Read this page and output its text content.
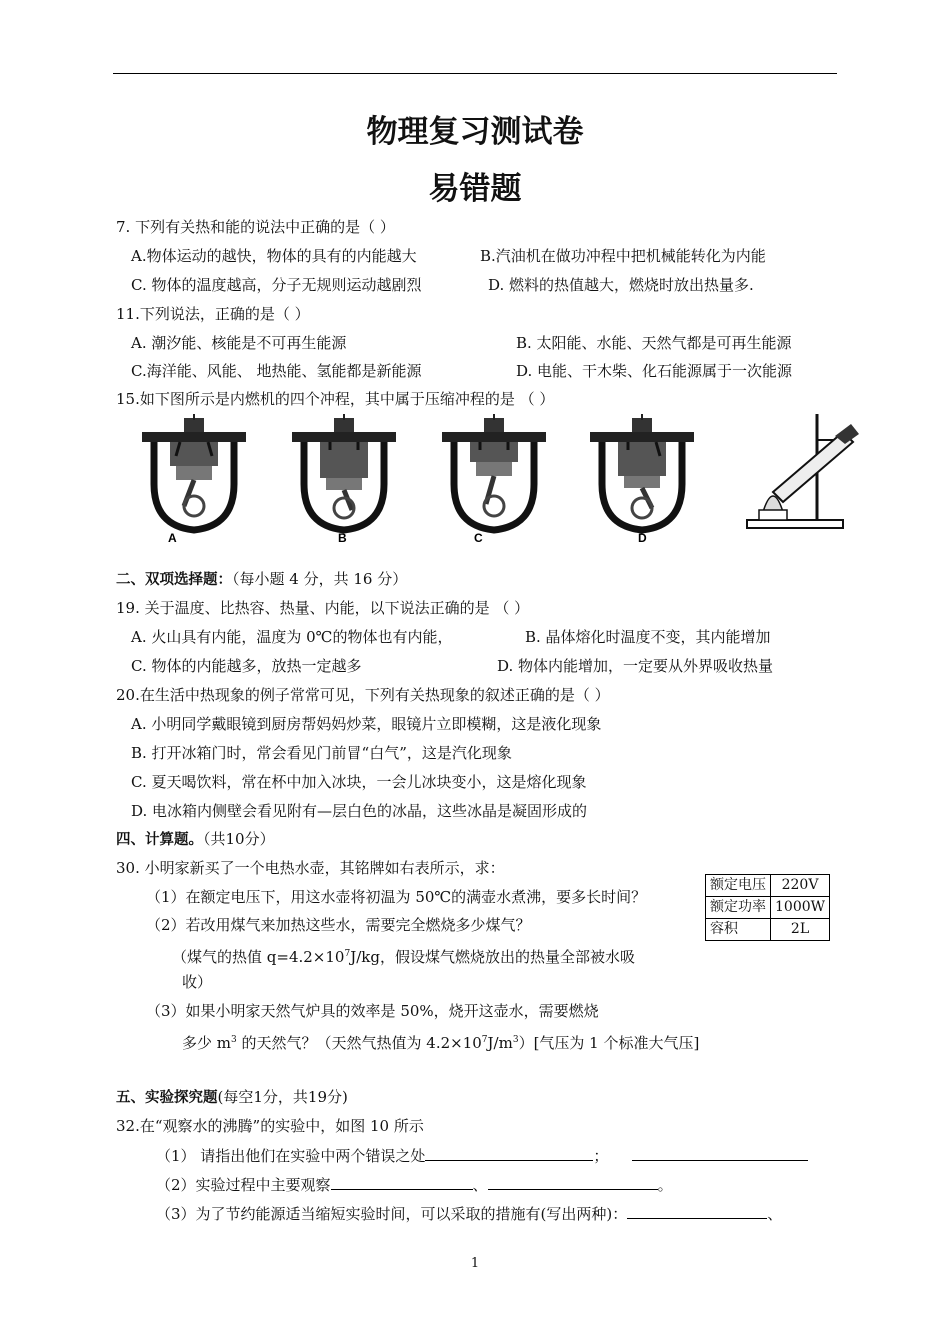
物理复习测试卷
易错题
7. 下列有关热和能的说法中正确的是（ ）
A.物体运动的越快，物体的具有的内能越大	B.汽油机在做功冲程中把机械能转化为内能
C. 物体的温度越高，分子无规则运动越剧烈	D. 燃料的热值越大，燃烧时放出热量多.
11.下列说法，正确的是（ ）
A. 潮汐能、核能是不可再生能源	B. 太阳能、水能、天然气都是可再生能源
C.海洋能、风能、 地热能、氢能都是新能源	D. 电能、干木柴、化石能源属于一次能源
15.如下图所示是内燃机的四个冲程，其中属于压缩冲程的是 （ ）
A	B	C	D
二、双项选择题：（每小题 4 分，共 16 分）
19. 关于温度、比热容、热量、内能，以下说法正确的是 （ ）
A. 火山具有内能，温度为 0℃的物体也有内能，	B. 晶体熔化时温度不变，其内能增加
C. 物体的内能越多，放热一定越多	D. 物体内能增加，一定要从外界吸收热量
20.在生活中热现象的例子常常可见，下列有关热现象的叙述正确的是（ ）
A. 小明同学戴眼镜到厨房帮妈妈炒菜，眼镜片立即模糊，这是液化现象
B. 打开冰箱门时，常会看见门前冒“白气”，这是汽化现象
C. 夏天喝饮料，常在杯中加入冰块，一会儿冰块变小，这是熔化现象
D. 电冰箱内侧壁会看见附有—层白色的冰晶，这些冰晶是凝固形成的
四、计算题。（共10分）
30. 小明家新买了一个电热水壶，其铭牌如右表所示，求：
（1）在额定电压下，用这水壶将初温为 50℃的满壶水煮沸，要多长时间？
（2）若改用煤气来加热这些水，需要完全燃烧多少煤气？
（煤气的热值 $q=4.2\times 10^7J/kg$，假设煤气燃烧放出的热量全部被水吸
收）
（3）如果小明家天然气炉具的效率是 50%，烧开这壶水，需要燃烧
多少 $m^3$ 的天然气？（天然气热值为 $4.2\times 10^7J/m^3$）[气压为 1 个标准大气压]
额定电压	220V
额定功率	1000W
容积	2L
五、实验探究题(每空1分，共19分)
32.在“观察水的沸腾”的实验中，如图 10 所示
（1） 请指出他们在实验中两个错误之处	；
（2）实验过程中主要观察	、	。
（3）为了节约能源适当缩短实验时间，可以采取的措施有(写出两种)：	、
1
